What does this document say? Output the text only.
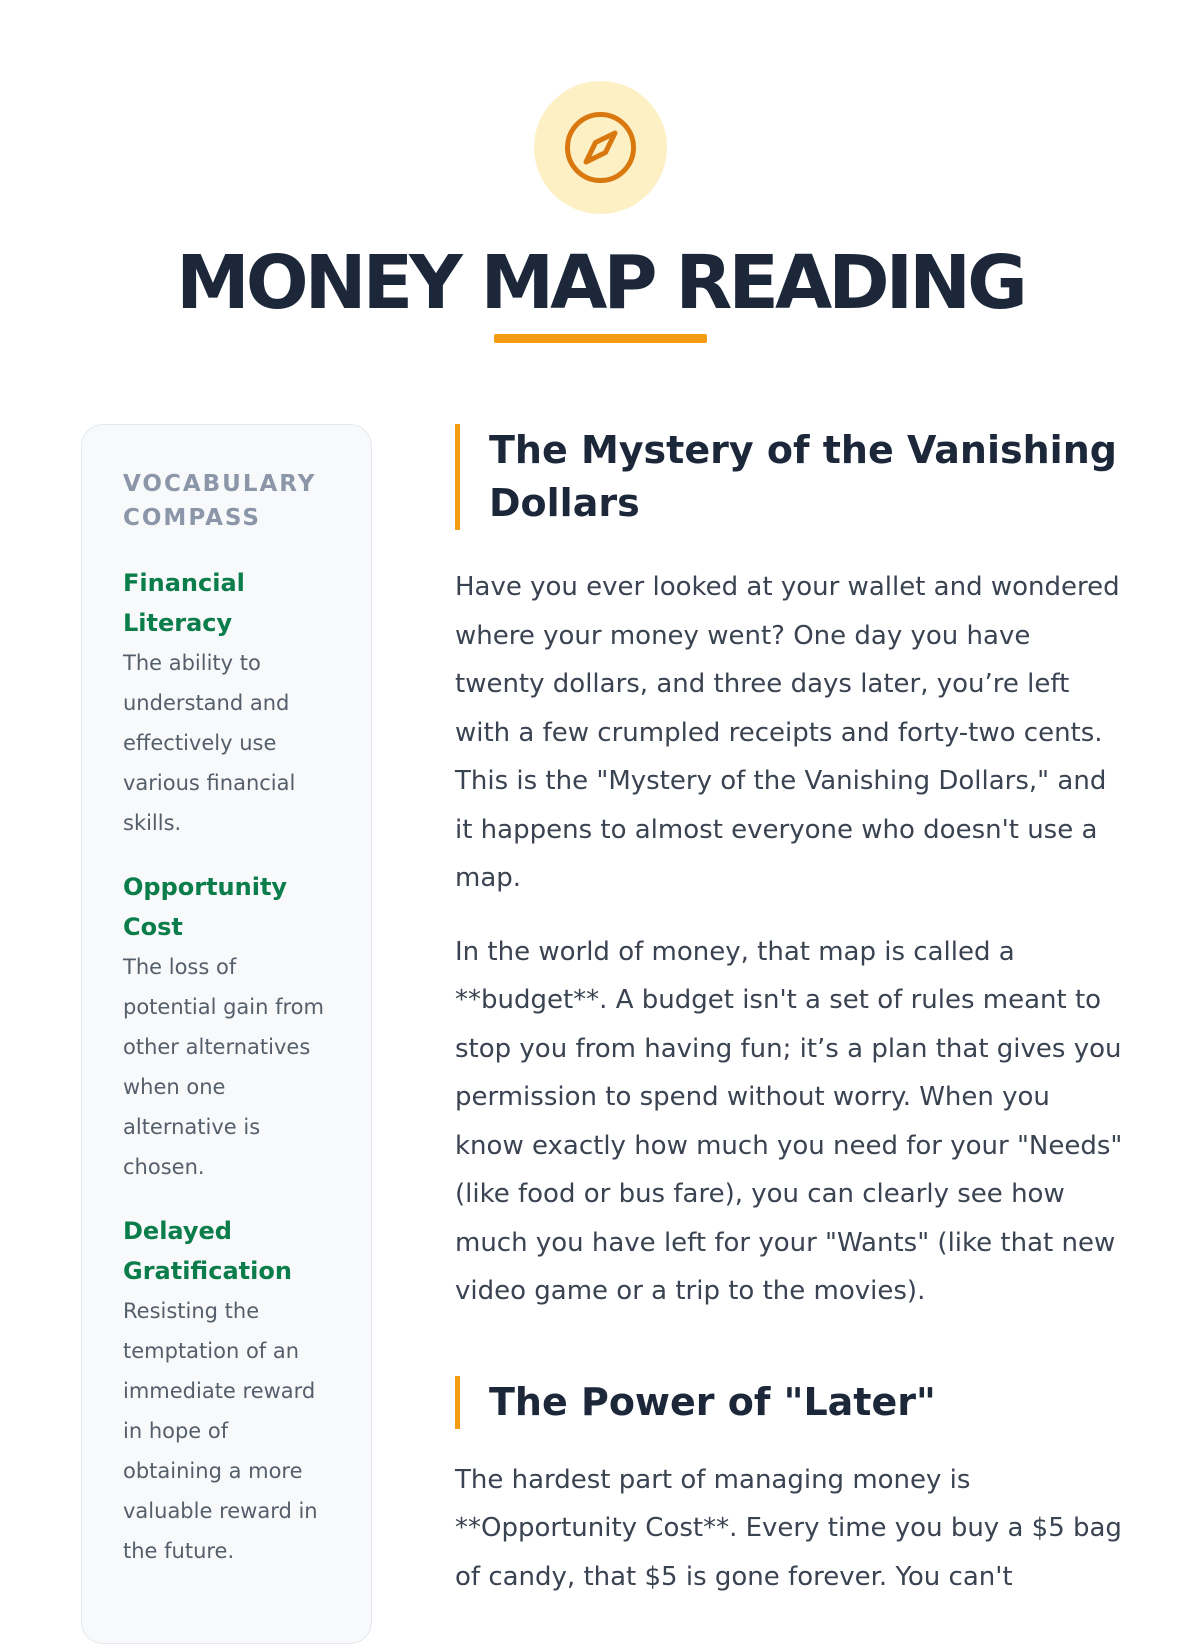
MONEY MAP READING
VOCABULARY COMPASS
Financial Literacy
The ability to understand and effectively use various financial skills.
Opportunity Cost
The loss of potential gain from other alternatives when one alternative is chosen.
Delayed Gratification
Resisting the temptation of an immediate reward in hope of obtaining a more valuable reward in the future.
The Mystery of the Vanishing Dollars

Have you ever looked at your wallet and wondered where your money went? One day you have twenty dollars, and three days later, you’re left with a few crumpled receipts and forty-two cents. This is the "Mystery of the Vanishing Dollars," and it happens to almost everyone who doesn't use a map.

In the world of money, that map is called a **budget**. A budget isn't a set of rules meant to stop you from having fun; it’s a plan that gives you permission to spend without worry. When you know exactly how much you need for your "Needs" (like food or bus fare), you can clearly see how much you have left for your "Wants" (like that new video game or a trip to the movies).

The Power of "Later"

The hardest part of managing money is **Opportunity Cost**. Every time you buy a $5 bag of candy, that $5 is gone forever. You can't
